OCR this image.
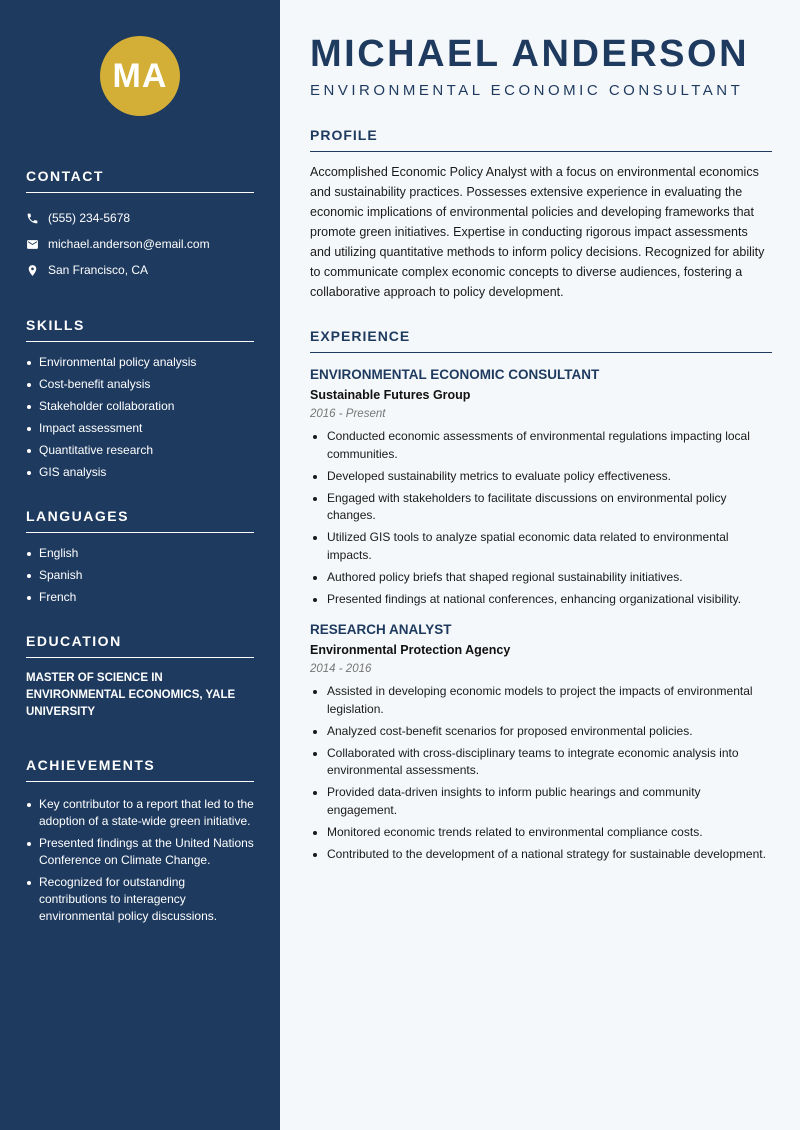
MA
CONTACT
(555) 234-5678
michael.anderson@email.com
San Francisco, CA
SKILLS
Environmental policy analysis
Cost-benefit analysis
Stakeholder collaboration
Impact assessment
Quantitative research
GIS analysis
LANGUAGES
English
Spanish
French
EDUCATION
MASTER OF SCIENCE IN ENVIRONMENTAL ECONOMICS, YALE UNIVERSITY
ACHIEVEMENTS
Key contributor to a report that led to the adoption of a state-wide green initiative.
Presented findings at the United Nations Conference on Climate Change.
Recognized for outstanding contributions to interagency environmental policy discussions.
MICHAEL ANDERSON
ENVIRONMENTAL ECONOMIC CONSULTANT
PROFILE

Accomplished Economic Policy Analyst with a focus on environmental economics and sustainability practices. Possesses extensive experience in evaluating the economic implications of environmental policies and developing frameworks that promote green initiatives. Expertise in conducting rigorous impact assessments and utilizing quantitative methods to inform policy decisions. Recognized for ability to communicate complex economic concepts to diverse audiences, fostering a collaborative approach to policy development.

EXPERIENCE
ENVIRONMENTAL ECONOMIC CONSULTANT
Sustainable Futures Group
2016 - Present
Conducted economic assessments of environmental regulations impacting local communities.
Developed sustainability metrics to evaluate policy effectiveness.
Engaged with stakeholders to facilitate discussions on environmental policy changes.
Utilized GIS tools to analyze spatial economic data related to environmental impacts.
Authored policy briefs that shaped regional sustainability initiatives.
Presented findings at national conferences, enhancing organizational visibility.
RESEARCH ANALYST
Environmental Protection Agency
2014 - 2016
Assisted in developing economic models to project the impacts of environmental legislation.
Analyzed cost-benefit scenarios for proposed environmental policies.
Collaborated with cross-disciplinary teams to integrate economic analysis into environmental assessments.
Provided data-driven insights to inform public hearings and community engagement.
Monitored economic trends related to environmental compliance costs.
Contributed to the development of a national strategy for sustainable development.
